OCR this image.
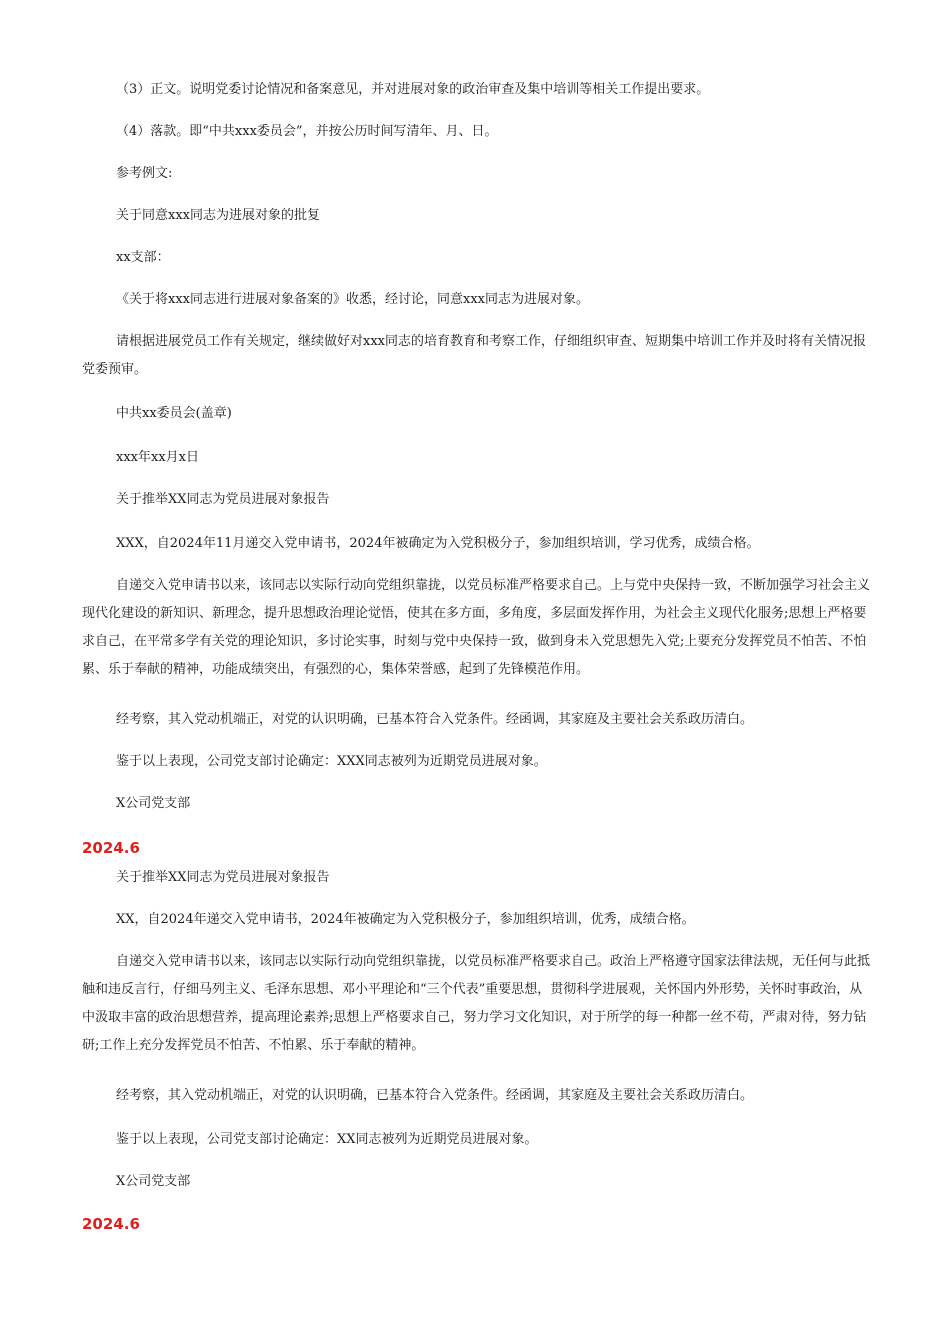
（3）正文。说明党委讨论情况和备案意见，并对进展对象的政治审查及集中培训等相关工作提出要求。
（4）落款。即“中共xxx委员会”，并按公历时间写清年、月、日。
参考例文:
关于同意xxx同志为进展对象的批复
xx支部：
《关于将xxx同志进行进展对象备案的》收悉，经讨论，同意xxx同志为进展对象。
请根据进展党员工作有关规定，继续做好对xxx同志的培育教育和考察工作，仔细组织审查、短期集中培训工作并及时将有关情况报党委预审。
中共xx委员会(盖章)
xxx年xx月x日
关于推举XX同志为党员进展对象报告
XXX，自2024年11月递交入党申请书，2024年被确定为入党积极分子，参加组织培训，学习优秀，成绩合格。
自递交入党申请书以来，该同志以实际行动向党组织靠拢，以党员标准严格要求自己。上与党中央保持一致，不断加强学习社会主义现代化建设的新知识、新理念，提升思想政治理论觉悟，使其在多方面，多角度，多层面发挥作用，为社会主义现代化服务;思想上严格要求自己，在平常多学有关党的理论知识，多讨论实事，时刻与党中央保持一致，做到身未入党思想先入党;上要充分发挥党员不怕苦、不怕累、乐于奉献的精神，功能成绩突出，有强烈的心，集体荣誉感，起到了先锋模范作用。
经考察，其入党动机端正，对党的认识明确，已基本符合入党条件。经函调，其家庭及主要社会关系政历清白。
鉴于以上表现，公司党支部讨论确定：XXX同志被列为近期党员进展对象。
X公司党支部
2024.6
关于推举XX同志为党员进展对象报告
XX，自2024年递交入党申请书，2024年被确定为入党积极分子，参加组织培训，优秀，成绩合格。
自递交入党申请书以来，该同志以实际行动向党组织靠拢，以党员标准严格要求自己。政治上严格遵守国家法律法规，无任何与此抵触和违反言行，仔细马列主义、毛泽东思想、邓小平理论和“三个代表”重要思想，贯彻科学进展观，关怀国内外形势，关怀时事政治，从中汲取丰富的政治思想营养，提高理论素养;思想上严格要求自己，努力学习文化知识，对于所学的每一种都一丝不苟，严肃对待，努力钻研;工作上充分发挥党员不怕苦、不怕累、乐于奉献的精神。
经考察，其入党动机端正，对党的认识明确，已基本符合入党条件。经函调，其家庭及主要社会关系政历清白。
鉴于以上表现，公司党支部讨论确定：XX同志被列为近期党员进展对象。
X公司党支部
2024.6
